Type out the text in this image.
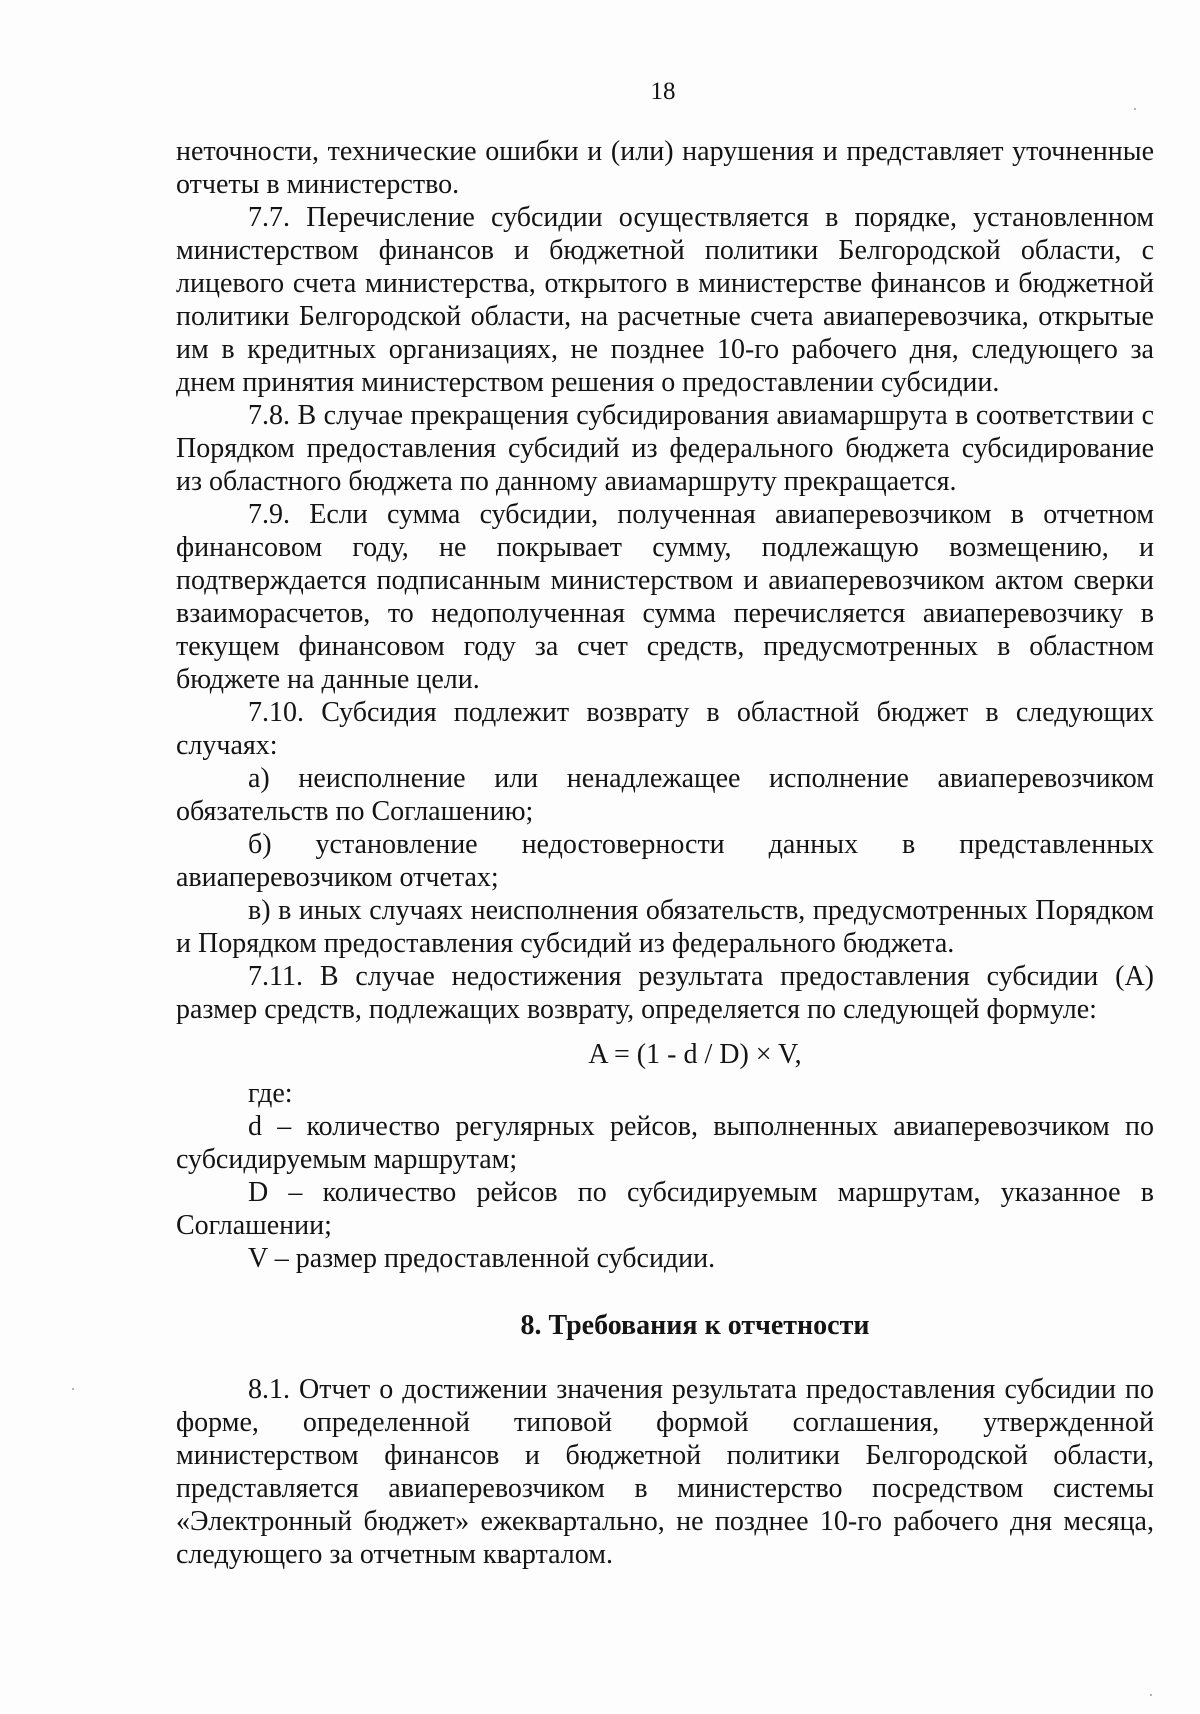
18

неточности, технические ошибки и (или) нарушения и представляет уточненные отчеты в министерство.

7.7. Перечисление субсидии осуществляется в порядке, установленном министерством финансов и бюджетной политики Белгородской области, с лицевого счета министерства, открытого в министерстве финансов и бюджетной политики Белгородской области, на расчетные счета авиаперевозчика, открытые им в кредитных организациях, не позднее 10-го рабочего дня, следующего за днем принятия министерством решения о предоставлении субсидии.

7.8. В случае прекращения субсидирования авиамаршрута в соответствии с Порядком предоставления субсидий из федерального бюджета субсидирование из областного бюджета по данному авиамаршруту прекращается.

7.9. Если сумма субсидии, полученная авиаперевозчиком в отчетном финансовом году, не покрывает сумму, подлежащую возмещению, и подтверждается подписанным министерством и авиаперевозчиком актом сверки взаиморасчетов, то недополученная сумма перечисляется авиаперевозчику в текущем финансовом году за счет средств, предусмотренных в областном бюджете на данные цели.

7.10. Субсидия подлежит возврату в областной бюджет в следующих случаях:

а) неисполнение или ненадлежащее исполнение авиаперевозчиком обязательств по Соглашению;

б) установление недостоверности данных в представленных авиаперевозчиком отчетах;

в) в иных случаях неисполнения обязательств, предусмотренных Порядком и Порядком предоставления субсидий из федерального бюджета.

7.11. В случае недостижения результата предоставления субсидии (А) размер средств, подлежащих возврату, определяется по следующей формуле:

A = (1 - d / D) × V,

где:

d – количество регулярных рейсов, выполненных авиаперевозчиком по субсидируемым маршрутам;

D – количество рейсов по субсидируемым маршрутам, указанное в Соглашении;

V – размер предоставленной субсидии.

8. Требования к отчетности

8.1. Отчет о достижении значения результата предоставления субсидии по форме, определенной типовой формой соглашения, утвержденной министерством финансов и бюджетной политики Белгородской области, представляется авиаперевозчиком в министерство посредством системы «Электронный бюджет» ежеквартально, не позднее 10-го рабочего дня месяца, следующего за отчетным кварталом.
